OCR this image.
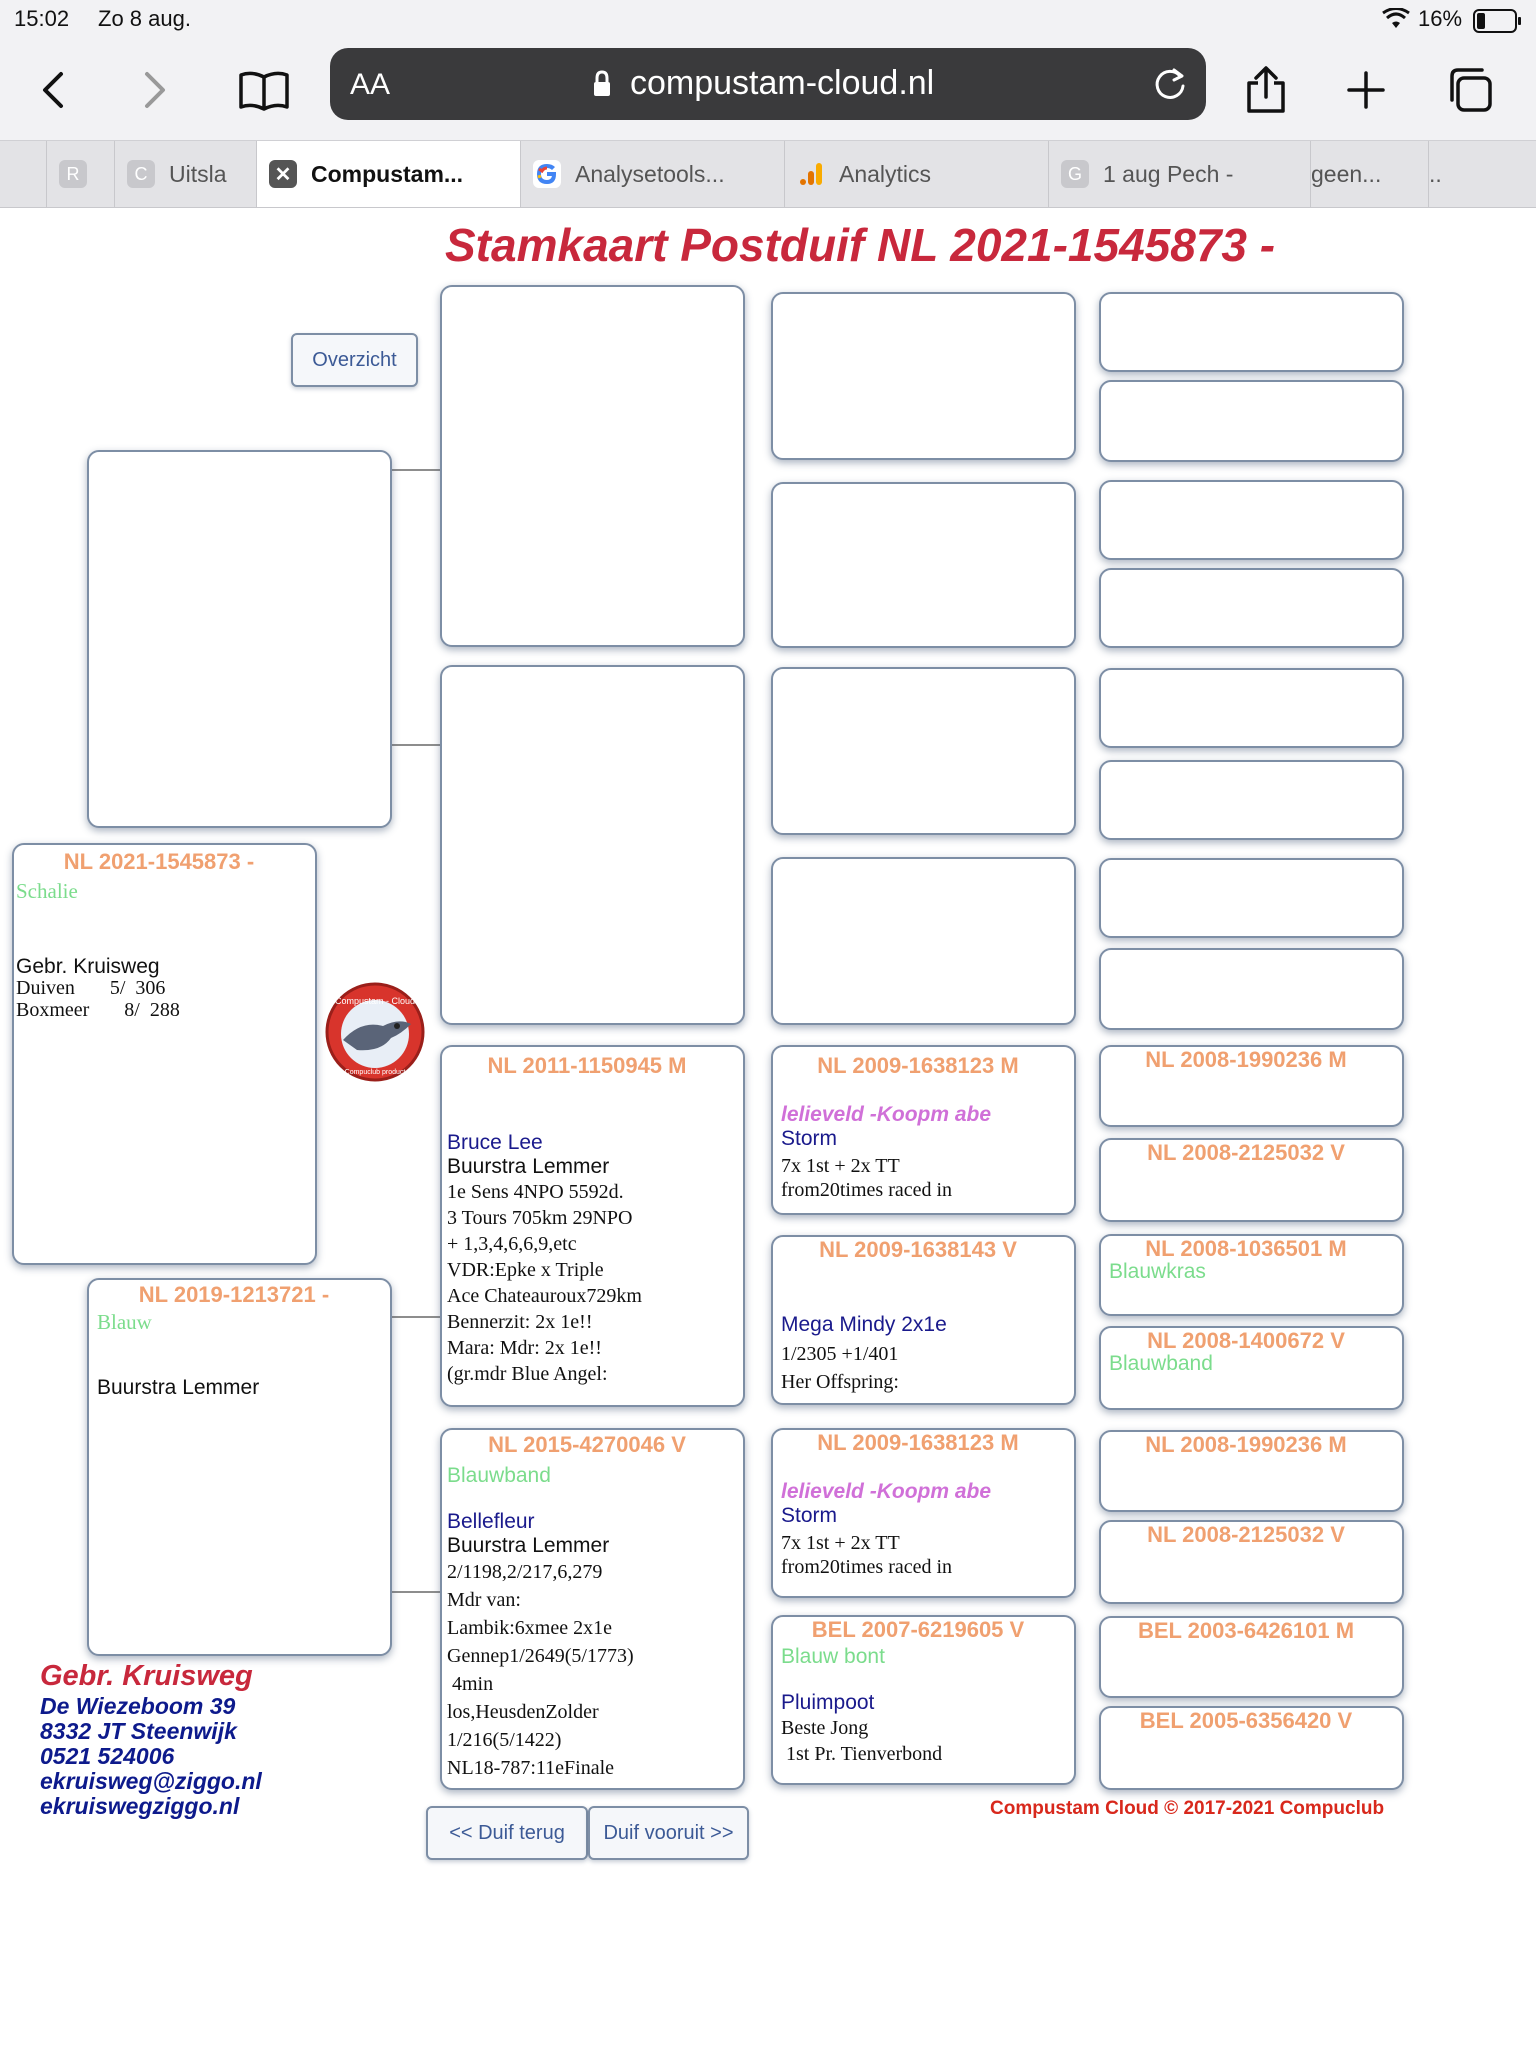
15:02 Zo 8 aug.	16%
AA	compustam-cloud.nl
R	C Uitsla ✕ Compustam...	Analysetools...	Analytics	G 1 aug Pech -	geen... ..
Stamkaart Postduif NL 2021-1545873 -
Overzicht
NL 2021-1545873 -
Schalie
Gebr. Kruisweg
Duiven       5/  306
Boxmeer       8/  288	Compustam - Cloud
Compuclub product
NL 2019-1213721 -
Blauw
Buurstra Lemmer
NL 2011-1150945 M
Bruce Lee
Buurstra Lemmer
1e Sens 4NPO 5592d.
3 Tours 705km 29NPO
+ 1,3,4,6,6,9,etc
VDR:Epke x Triple
Ace Chateauroux729km
Bennerzit: 2x 1e!!
Mara: Mdr: 2x 1e!!
(gr.mdr Blue Angel:
NL 2015-4270046 V
Blauwband
Bellefleur
Buurstra Lemmer
2/1198,2/217,6,279
Mdr van:
Lambik:6xmee 2x1e
Gennep1/2649(5/1773)
4min
los,HeusdenZolder
1/216(5/1422)
NL18-787:11eFinale
NL 2009-1638123 M
lelieveld -Koopm abe
Storm
7x 1st + 2x TT
from20times raced in
NL 2009-1638143 V
Mega Mindy 2x1e
1/2305 +1/401
Her Offspring:
NL 2009-1638123 M
lelieveld -Koopm abe
Storm
7x 1st + 2x TT
from20times raced in
BEL 2007-6219605 V
Blauw bont
Pluimpoot
Beste Jong
1st Pr. Tienverbond
NL 2008-1990236 M
NL 2008-2125032 V
NL 2008-1036501 M
Blauwkras
NL 2008-1400672 V
Blauwband
NL 2008-1990236 M
NL 2008-2125032 V
BEL 2003-6426101 M
BEL 2005-6356420 V
Gebr. Kruisweg
De Wiezeboom 39
8332 JT Steenwijk
0521 524006
ekruisweg@ziggo.nl
ekruiswegziggo.nl
<< Duif terug	Duif vooruit >>
Compustam Cloud © 2017-2021 Compuclub
